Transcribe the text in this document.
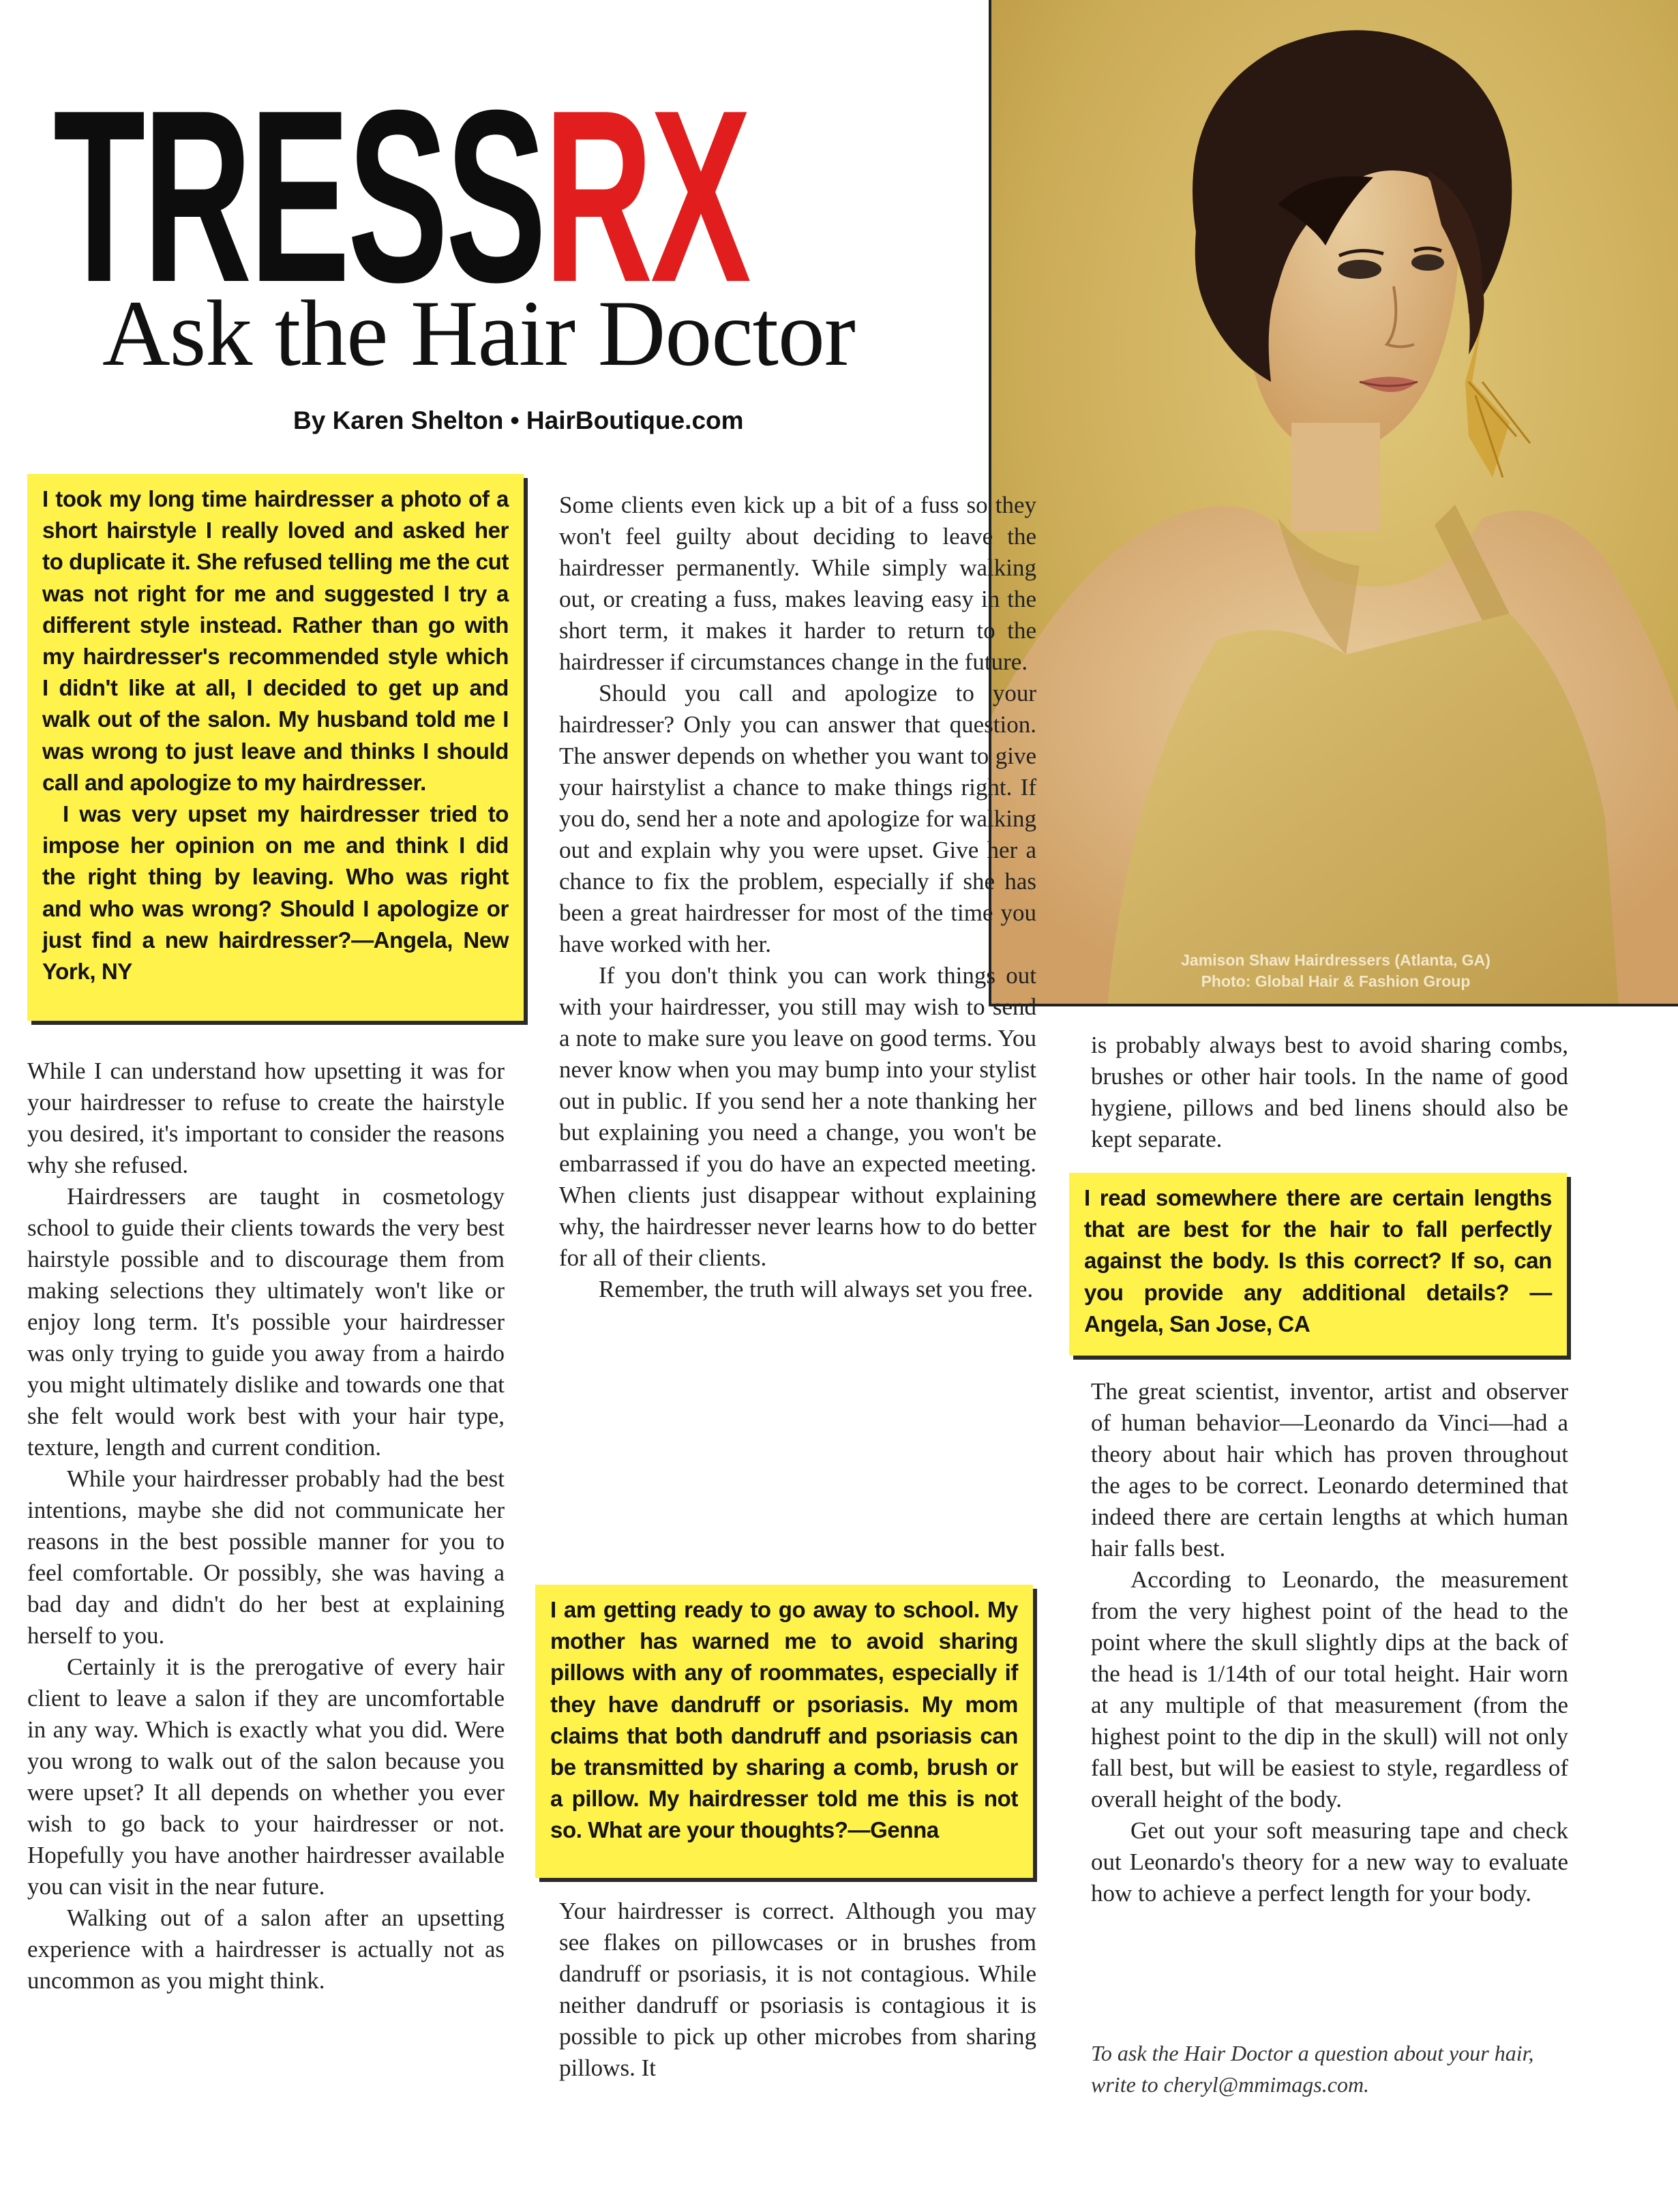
TRESSRX
Ask the Hair Doctor
By Karen Shelton • HairBoutique.com
Jamison Shaw Hairdressers (Atlanta, GA)
Photo: Global Hair & Fashion Group

I took my long time hairdresser a photo of a short hairstyle I really loved and asked her to duplicate it. She refused telling me the cut was not right for me and suggested I try a different style instead. Rather than go with my hairdresser's recommended style which I didn't like at all, I decided to get up and walk out of the salon. My husband told me I was wrong to just leave and thinks I should call and apologize to my hairdresser.

I was very upset my hairdresser tried to impose her opinion on me and think I did the right thing by leaving. Who was right and who was wrong? Should I apologize or just find a new hairdresser?—Angela, New York, NY

While I can understand how upsetting it was for your hairdresser to refuse to create the hairstyle you desired, it's important to consider the reasons why she refused.

Hairdressers are taught in cosmetology school to guide their clients towards the very best hairstyle possible and to discourage them from making selections they ultimately won't like or enjoy long term. It's possible your hairdresser was only trying to guide you away from a hairdo you might ultimately dislike and towards one that she felt would work best with your hair type, texture, length and current condition.

While your hairdresser probably had the best intentions, maybe she did not communicate her reasons in the best possible manner for you to feel comfortable. Or possibly, she was having a bad day and didn't do her best at explaining herself to you.

Certainly it is the prerogative of every hair client to leave a salon if they are uncomfortable in any way. Which is exactly what you did. Were you wrong to walk out of the salon because you were upset? It all depends on whether you ever wish to go back to your hairdresser or not. Hopefully you have another hairdresser available you can visit in the near future.

Walking out of a salon after an upsetting experience with a hairdresser is actually not as uncommon as you might think.

Some clients even kick up a bit of a fuss so they won't feel guilty about deciding to leave the hairdresser permanently. While simply walking out, or creating a fuss, makes leaving easy in the short term, it makes it harder to return to the hairdresser if circumstances change in the future.

Should you call and apologize to your hairdresser? Only you can answer that question. The answer depends on whether you want to give your hairstylist a chance to make things right. If you do, send her a note and apologize for walking out and explain why you were upset. Give her a chance to fix the problem, especially if she has been a great hairdresser for most of the time you have worked with her.

If you don't think you can work things out with your hairdresser, you still may wish to send a note to make sure you leave on good terms. You never know when you may bump into your stylist out in public. If you send her a note thanking her but explaining you need a change, you won't be embarrassed if you do have an expected meeting. When clients just disappear without explaining why, the hairdresser never learns how to do better for all of their clients.

Remember, the truth will always set you free.

I am getting ready to go away to school. My mother has warned me to avoid sharing pillows with any of roommates, especially if they have dandruff or psoriasis. My mom claims that both dandruff and psoriasis can be transmitted by sharing a comb, brush or a pillow. My hairdresser told me this is not so. What are your thoughts?—Genna

Your hairdresser is correct. Although you may see flakes on pillowcases or in brushes from dandruff or psoriasis, it is not contagious. While neither dandruff or psoriasis is contagious it is possible to pick up other microbes from sharing pillows. It

is probably always best to avoid sharing combs, brushes or other hair tools. In the name of good hygiene, pillows and bed linens should also be kept separate.

I read somewhere there are certain lengths that are best for the hair to fall perfectly against the body. Is this correct? If so, can you provide any additional details? —Angela, San Jose, CA

The great scientist, inventor, artist and observer of human behavior—Leonardo da Vinci—had a theory about hair which has proven throughout the ages to be correct. Leonardo determined that indeed there are certain lengths at which human hair falls best.

According to Leonardo, the measurement from the very highest point of the head to the point where the skull slightly dips at the back of the head is 1/14th of our total height. Hair worn at any multiple of that measurement (from the highest point to the dip in the skull) will not only fall best, but will be easiest to style, regardless of overall height of the body.

Get out your soft measuring tape and check out Leonardo's theory for a new way to evaluate how to achieve a perfect length for your body.

To ask the Hair Doctor a question about your hair, write to cheryl@mmimags.com.
